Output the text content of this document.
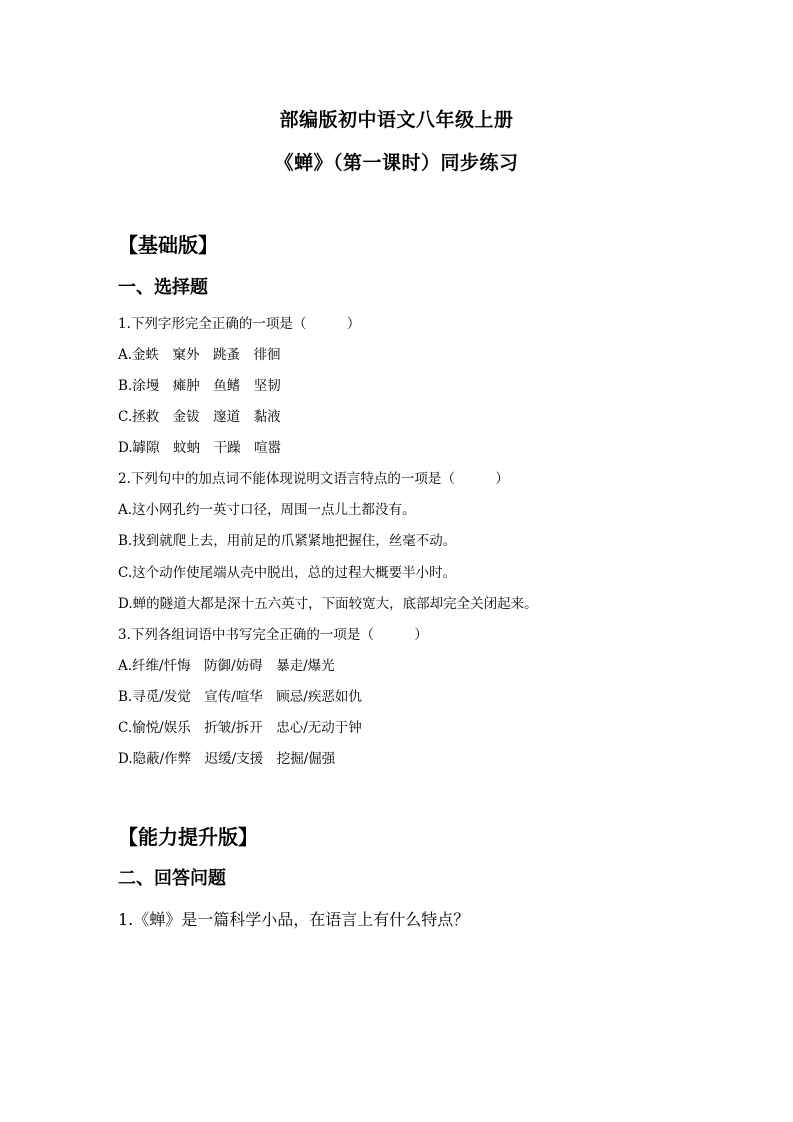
部编版初中语文八年级上册
《蝉》（第一课时）同步练习
【基础版】
一、选择题
1.下列字形完全正确的一项是（　　　）
A.金蛈　窠外　跳蚤　徘徊
B.涂墁　瘫肿　鱼鳍　坚韧
C.拯救　金钹　邃道　黏液
D.罅隙　蚊蚋　干躁　喧嚣
2.下列句中的加点词不能体现说明文语言特点的一项是（　　　）
A.这小网孔约一英寸口径，周围一点儿土都没有。
B.找到就爬上去，用前足的爪紧紧地把握住，丝毫不动。
C.这个动作使尾端从壳中脱出，总的过程大概要半小时。
D.蝉的隧道大都是深十五六英寸，下面较宽大，底部却完全关闭起来。
3.下列各组词语中书写完全正确的一项是（　　　）
A.纤维/忏悔　防御/妨碍　暴走/爆光
B.寻觅/发觉　宣传/喧华　顾忌/疾恶如仇
C.愉悦/娱乐　折皱/拆开　忠心/无动于钟
D.隐蔽/作弊　迟缓/支援　挖掘/倔强
【能力提升版】
二、回答问题
1.《蝉》是一篇科学小品，在语言上有什么特点？
